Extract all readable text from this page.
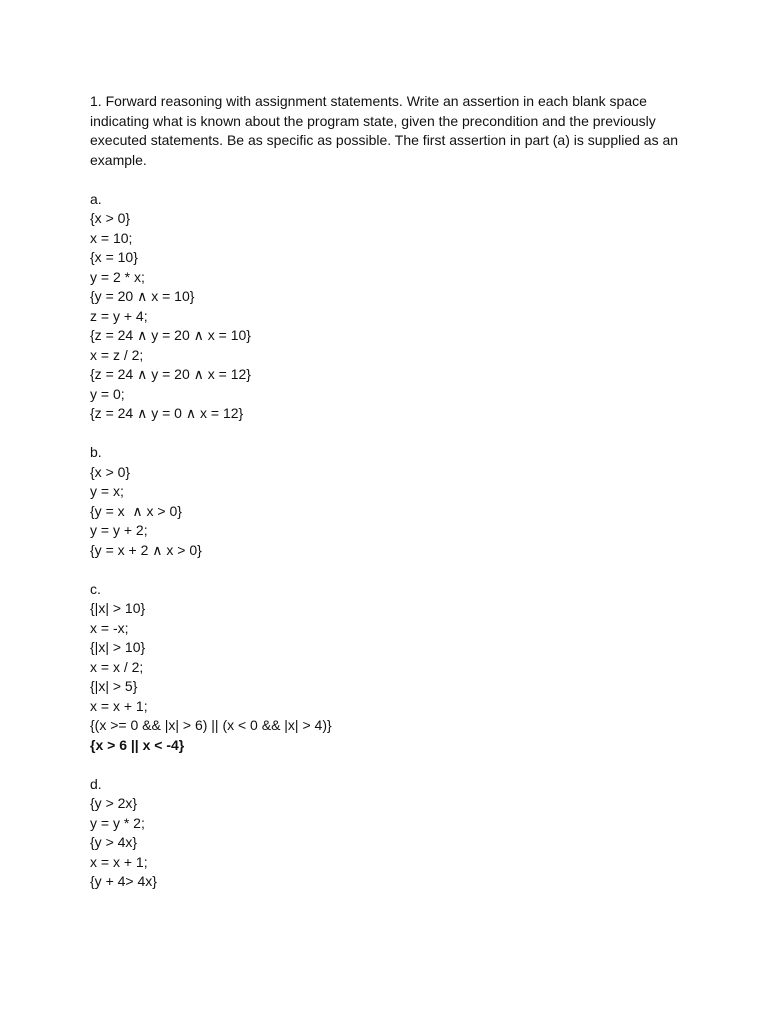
1. Forward reasoning with assignment statements. Write an assertion in each blank space indicating what is known about the program state, given the precondition and the previously executed statements. Be as specific as possible. The first assertion in part (a) is supplied as an example.

a.
{x > 0}
x = 10;
{x = 10}
y = 2 * x;
{y = 20 ∧ x = 10}
z = y + 4;
{z = 24 ∧ y = 20 ∧ x = 10}
x = z / 2;
{z = 24 ∧ y = 20 ∧ x = 12}
y = 0;
{z = 24 ∧ y = 0 ∧ x = 12}
b.
{x > 0}
y = x;
{y = x  ∧ x > 0}
y = y + 2;
{y = x + 2 ∧ x > 0}
c.
{|x| > 10}
x = -x;
{|x| > 10}
x = x / 2;
{|x| > 5}
x = x + 1;
{(x >= 0 && |x| > 6) || (x < 0 && |x| > 4)}
{x > 6 || x < -4}
d.
{y > 2x}
y = y * 2;
{y > 4x}
x = x + 1;
{y + 4> 4x}
